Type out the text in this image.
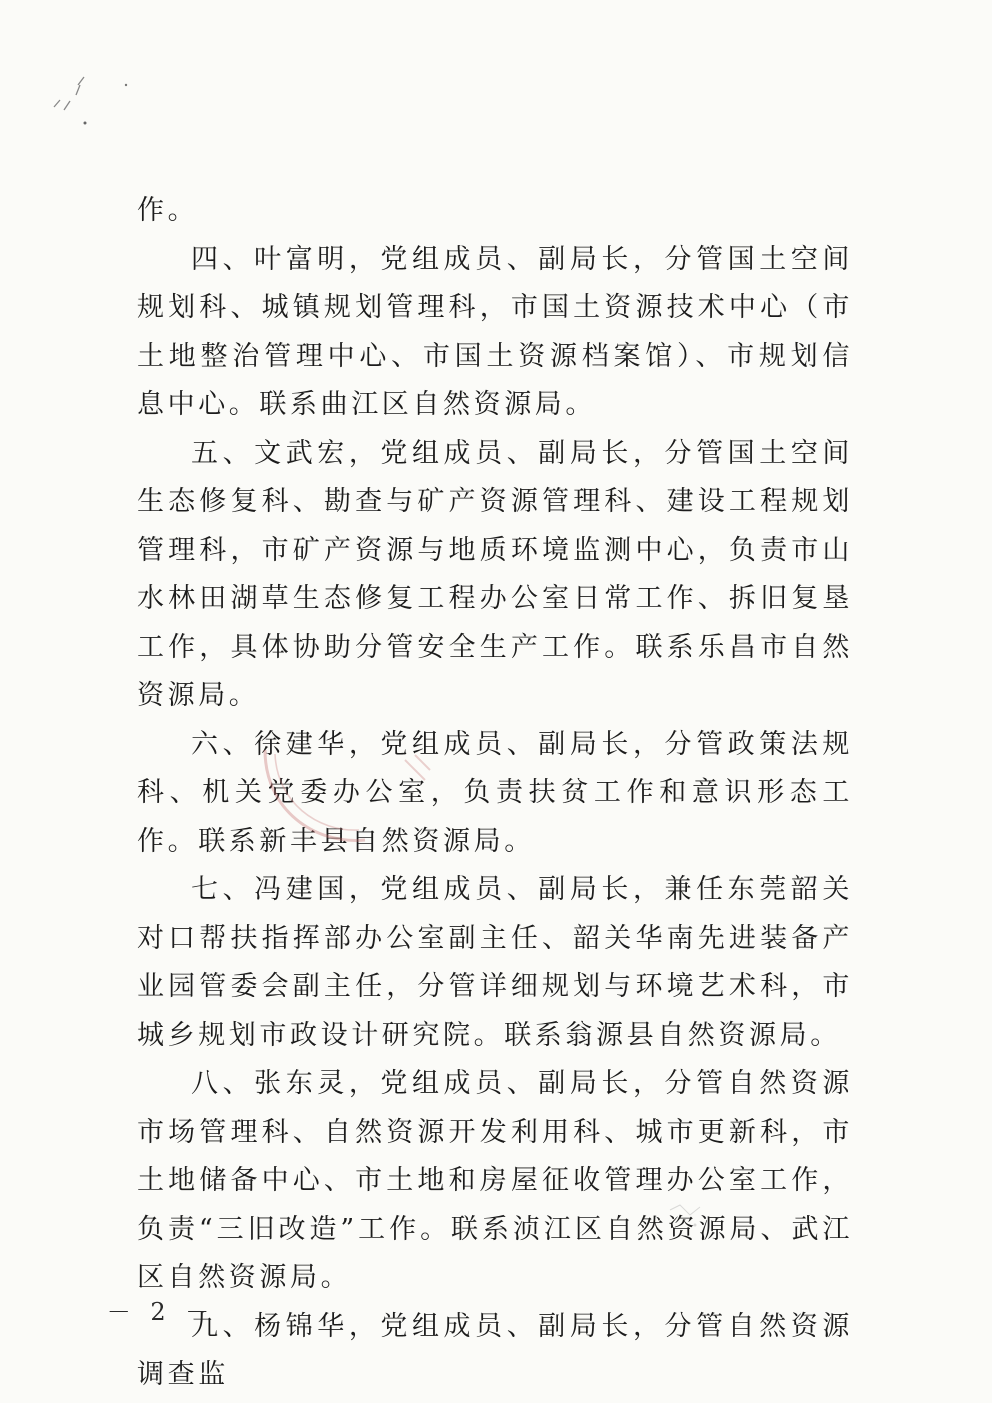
作。

四、叶富明，党组成员、副局长，分管国土空间规划科、城镇规划管理科，市国土资源技术中心（市土地整治管理中心、市国土资源档案馆）、市规划信息中心。联系曲江区自然资源局。

五、文武宏，党组成员、副局长，分管国土空间生态修复科、勘查与矿产资源管理科、建设工程规划管理科，市矿产资源与地质环境监测中心，负责市山水林田湖草生态修复工程办公室日常工作、拆旧复垦工作，具体协助分管安全生产工作。联系乐昌市自然资源局。

六、徐建华，党组成员、副局长，分管政策法规科、机关党委办公室，负责扶贫工作和意识形态工作。联系新丰县自然资源局。

七、冯建国，党组成员、副局长，兼任东莞韶关对口帮扶指挥部办公室副主任、韶关华南先进装备产业园管委会副主任，分管详细规划与环境艺术科，市城乡规划市政设计研究院。联系翁源县自然资源局。

八、张东灵，党组成员、副局长，分管自然资源市场管理科、自然资源开发利用科、城市更新科，市土地储备中心、市土地和房屋征收管理办公室工作，负责“三旧改造”工作。联系浈江区自然资源局、武江区自然资源局。

九、杨锦华，党组成员、副局长，分管自然资源调查监

－ 2 －
